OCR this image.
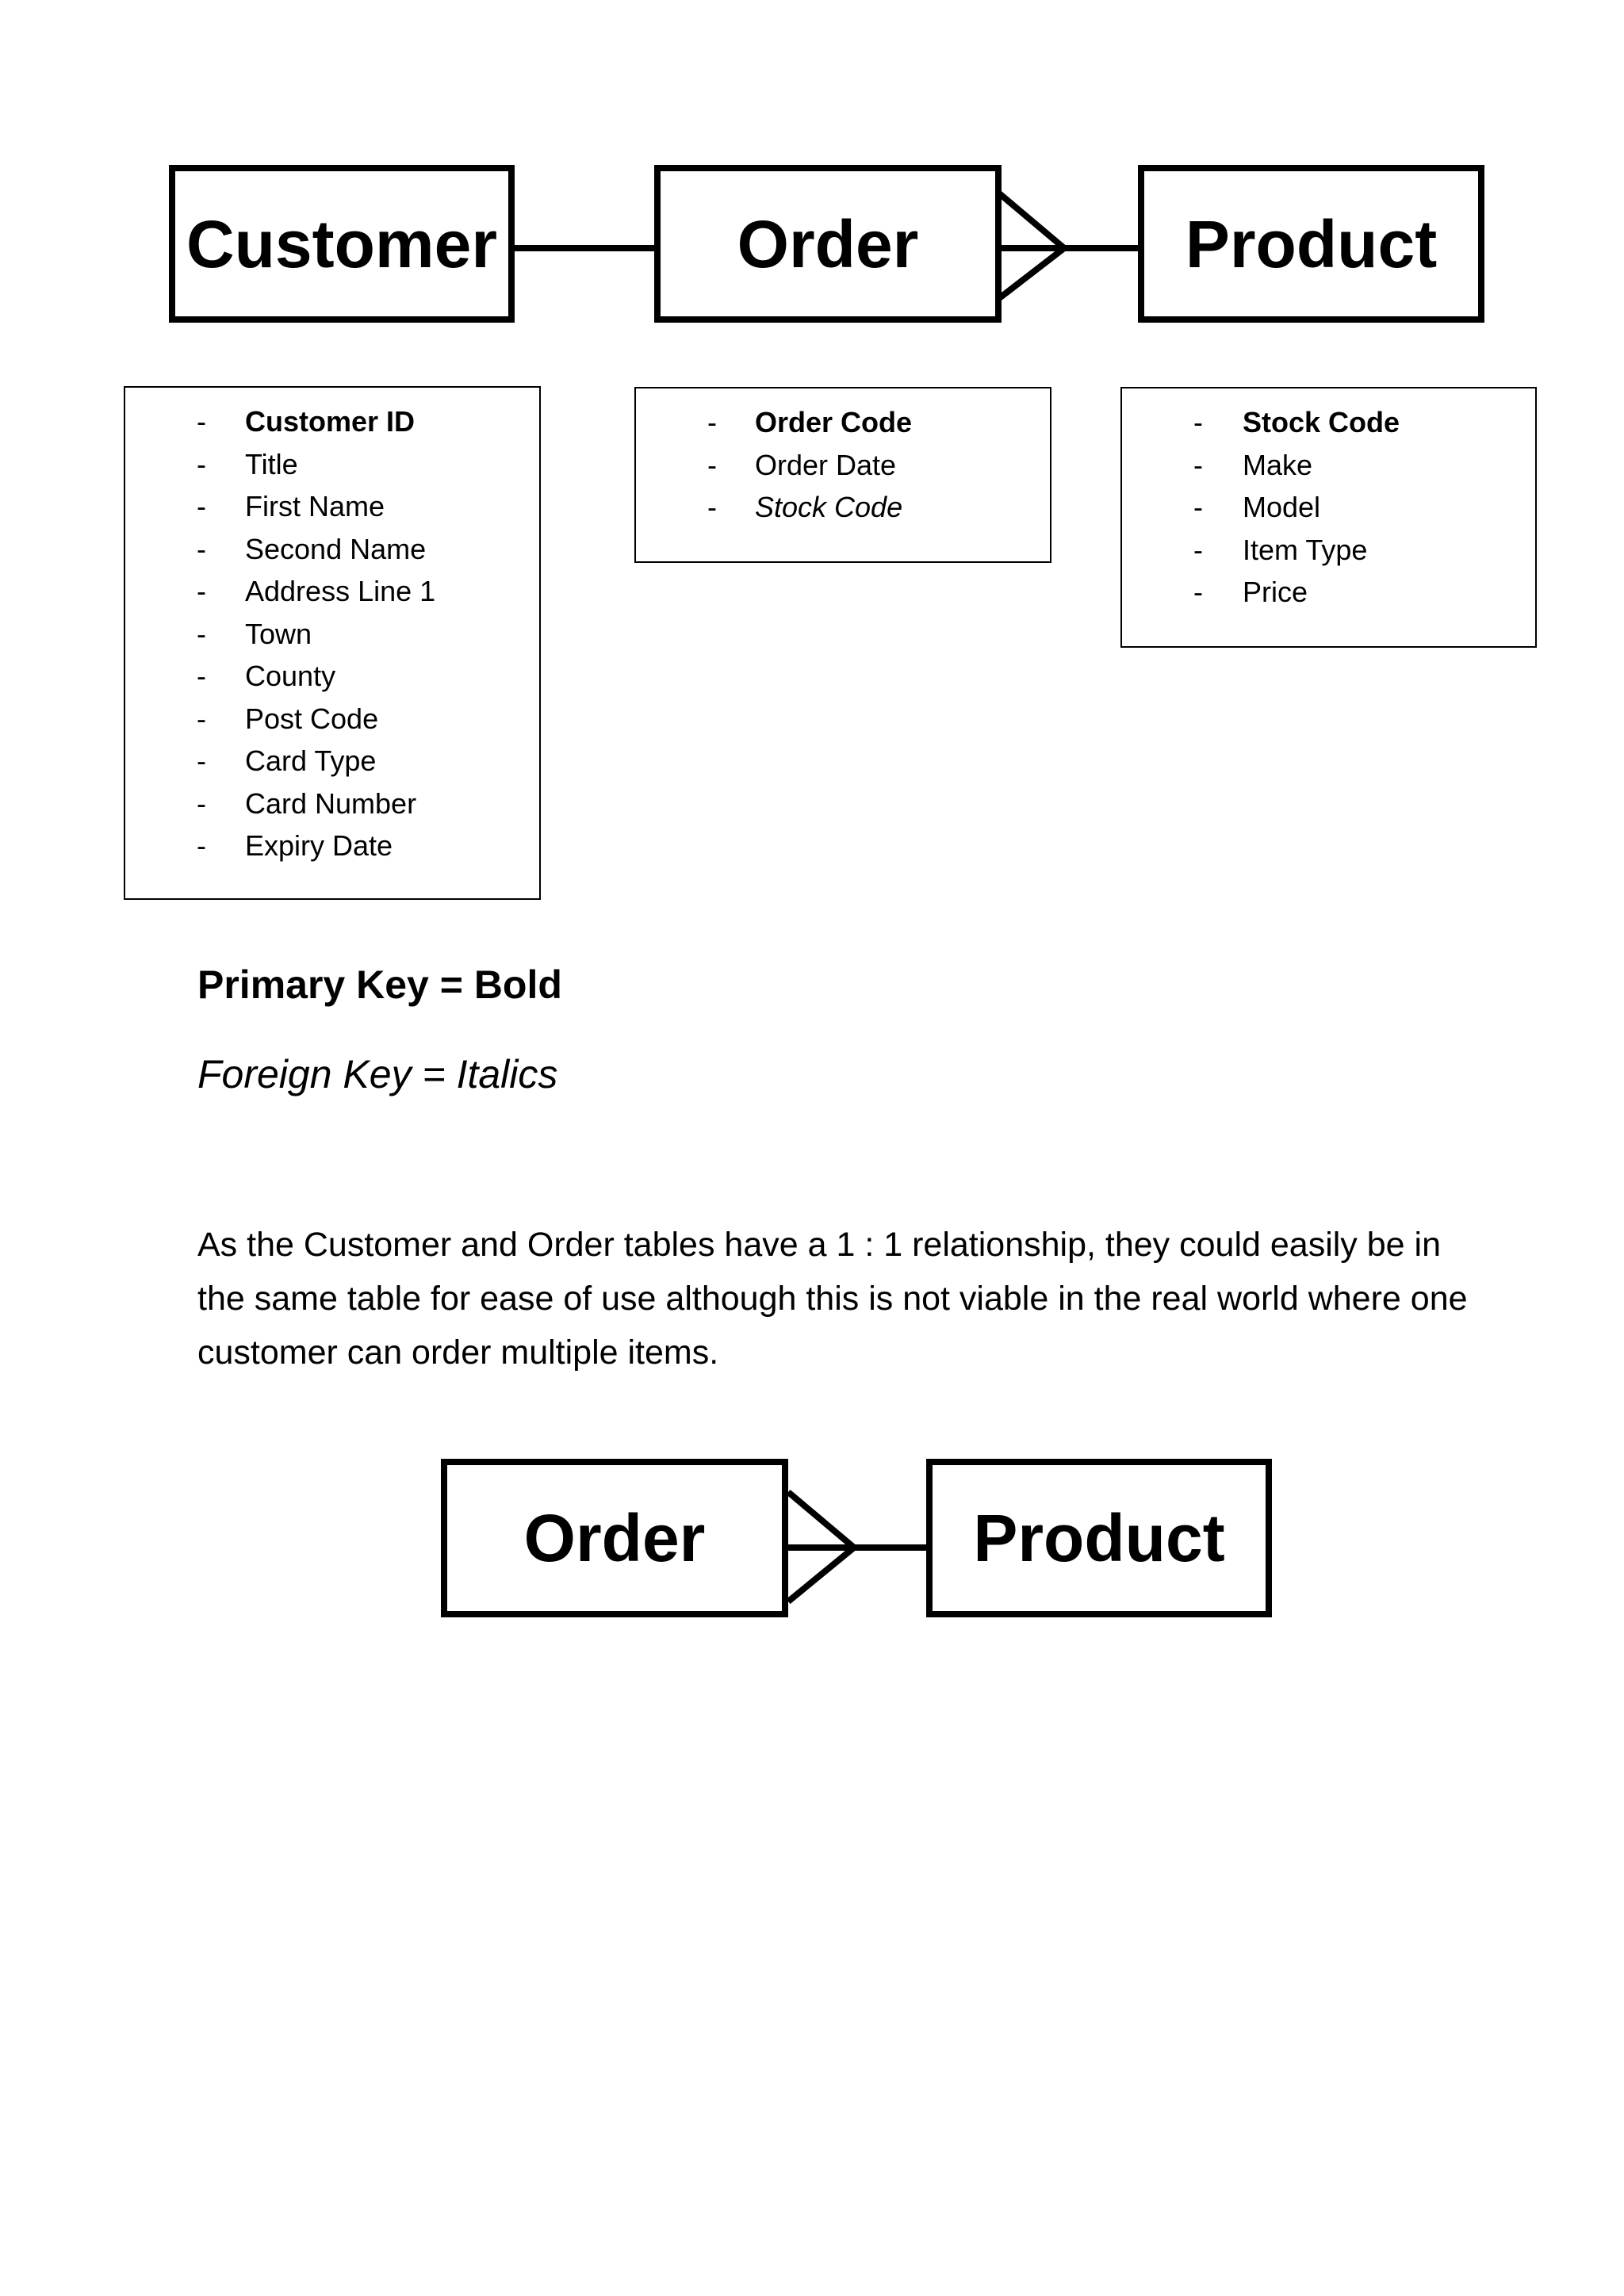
Customer	Order	Product
- Customer ID
- Title
- First Name
- Second Name
- Address Line 1
- Town
- County
- Post Code
- Card Type
- Card Number
- Expiry Date
- Order Code
- Order Date
- Stock Code
- Stock Code
- Make
- Model
- Item Type
- Price
Primary Key = Bold
Foreign Key = Italics
As the Customer and Order tables have a 1 : 1 relationship, they could easily be in the same table for ease of use although this is not viable in the real world where one customer can order multiple items.
Order	Product
